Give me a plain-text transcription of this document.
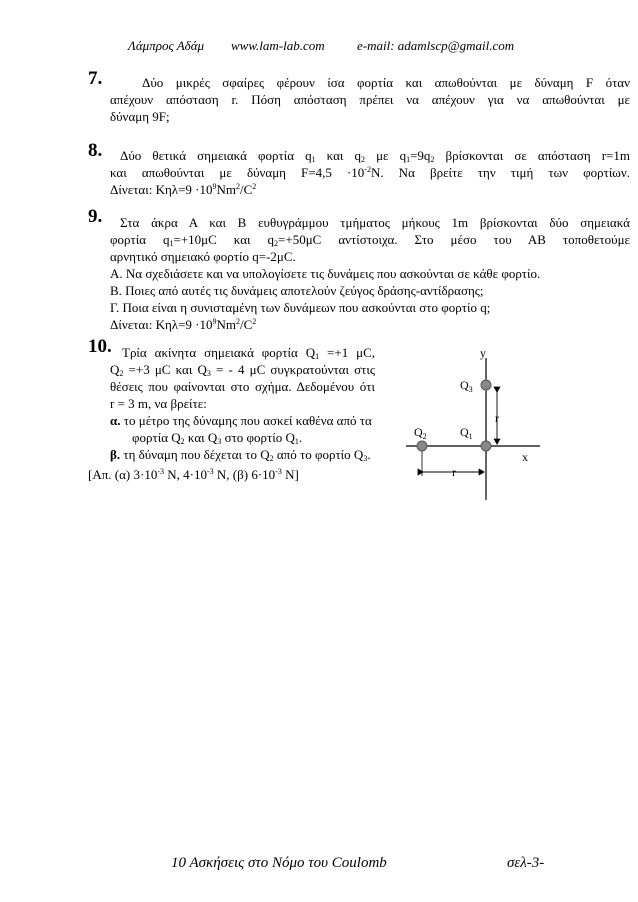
Λάμπρος Αδάμ www.lam-lab.com e-mail: adamlscp@gmail.com
7.	Δύο μικρές σφαίρες φέρουν ίσα φορτία και απωθούνται με δύναμη F όταν
απέχουν απόσταση r. Πόση απόσταση πρέπει να απέχουν για να απωθούνται με
δύναμη 9F;
8.	Δύο θετικά σημειακά φορτία $q_1$ και $q_2$ με $q_1=9q_2$ βρίσκονται σε απόσταση r=1m
και απωθούνται με δύναμη $F=4,5 \cdot 10^{-2}N$. Να βρείτε την τιμή των φορτίων.
Δίνεται: $K\eta\lambda=9 \cdot 10^9Nm^2/C^2$
9.	Στα άκρα Α και Β ευθυγράμμου τμήματος μήκους 1m βρίσκονται δύο σημειακά
φορτία $q_1=+10\mu C$ και $q_2=+50\mu C$ αντίστοιχα. Στο μέσο του ΑΒ τοποθετούμε
αρνητικό σημειακό φορτίο q=-2μC.
Α. Να σχεδιάσετε και να υπολογίσετε τις δυνάμεις που ασκούνται σε κάθε φορτίο.
Β. Ποιες από αυτές τις δυνάμεις αποτελούν ζεύγος δράσης-αντίδρασης;
Γ. Ποια είναι η συνισταμένη των δυνάμεων που ασκούνται στο φορτίο q;
Δίνεται: $K\eta\lambda=9 \cdot 10^9Nm^2/C^2$
10. Τρία ακίνητα σημειακά φορτία $Q_1 =+1$ μC,
$Q_2 =+3$ μC και $Q_3$ = - 4 μC συγκρατούνται στις
θέσεις που φαίνονται στο σχήμα. Δεδομένου ότι
r = 3 m, να βρείτε:
α. το μέτρο της δύναμης που ασκεί καθένα από τα
φορτία $Q_2$ και $Q_3$ στο φορτίο $Q_1$.
β. τη δύναμη που δέχεται το $Q_2$ από το φορτίο $Q_3$.
[Απ. (α) $3\cdot 10^{-3}$ N, $4\cdot 10^{-3}$ N, (β) $6\cdot 10^{-3}$ N]
y
x
r
r
$Q_3$
$Q_2$	$Q_1$
10 Ασκήσεις στο Νόμο του Coulomb	σελ-3-
